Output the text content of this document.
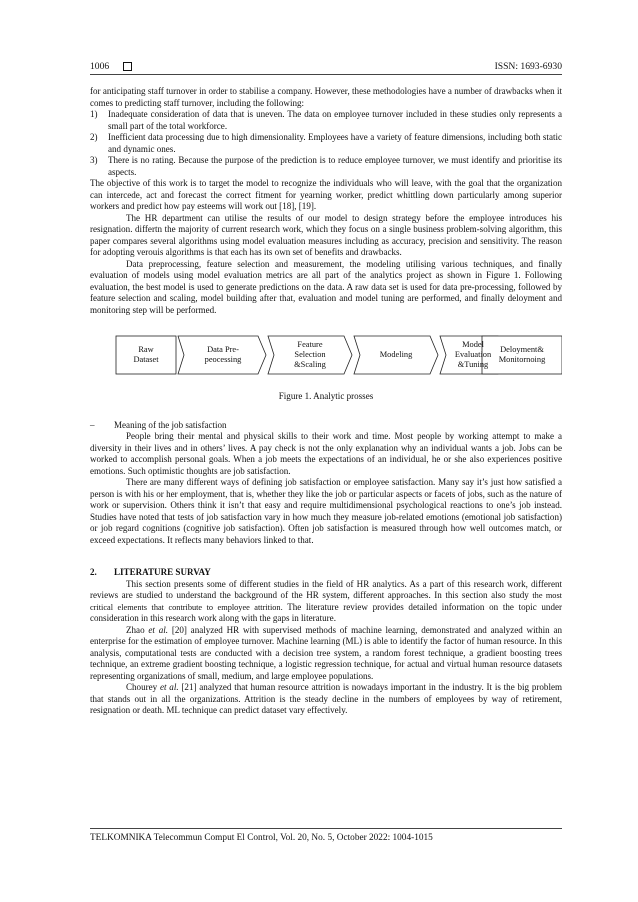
1006	ISSN: 1693-6930

for anticipating staff turnover in order to stabilise a company. However, these methodologies have a number of drawbacks when it comes to predicting staff turnover, including the following:

1)	Inadequate consideration of data that is uneven. The data on employee turnover included in these studies only represents a small part of the total workforce.
2)	Inefficient data processing due to high dimensionality. Employees have a variety of feature dimensions, including both static and dynamic ones.
3)	There is no rating. Because the purpose of the prediction is to reduce employee turnover, we must identify and prioritise its aspects.

The objective of this work is to target the model to recognize the individuals who will leave, with the goal that the organization can intercede, act and forecast the correct fitment for yearning worker, predict whittling down particularly among superior workers and predict how pay esteems will work out [18], [19].

The HR department can utilise the results of our model to design strategy before the employee introduces his resignation. differtn the majority of current research work, which they focus on a single business problem-solving algorithm, this paper compares several algorithms using model evaluation measures including as accuracy, precision and sensitivity. The reason for adopting verouis algorithms is that each has its own set of benefits and drawbacks.

Data preprocessing, feature selection and measurement, the modeling utilising various techniques, and finally evaluation of models using model evaluation metrics are all part of the analytics project as shown in Figure 1. Following evaluation, the best model is used to generate predictions on the data. A raw data set is used for data pre-processing, followed by feature selection and scaling, model building after that, evaluation and model tuning are performed, and finally deloyment and monitoring step will be performed.

Raw
Dataset
Data Pre-
peocessing
Feature
Selection
&Scaling
Modeling
Model
Evaluation
&Tuning
Deloyment&
Monitornoing
Figure 1. Analytic prosses
–	Meaning of the job satisfaction

People bring their mental and physical skills to their work and time. Most people by working attempt to make a diversity in their lives and in others’ lives. A pay check is not the only explanation why an individual wants a job. Jobs can be worked to accomplish personal goals. When a job meets the expectations of an individual, he or she also experiences positive emotions. Such optimistic thoughts are job satisfaction.

There are many different ways of defining job satisfaction or employee satisfaction. Many say it’s just how satisfied a person is with his or her employment, that is, whether they like the job or particular aspects or facets of jobs, such as the nature of work or supervision. Others think it isn’t that easy and require multidimensional psychological reactions to one’s job instead. Studies have noted that tests of job satisfaction vary in how much they measure job-related emotions (emotional job satisfaction) or job regard cognitions (cognitive job satisfaction). Often job satisfaction is measured through how well outcomes match, or exceed expectations. It reflects many behaviors linked to that.

2.	LITERATURE SURVAY

This section presents some of different studies in the field of HR analytics. As a part of this research work, different reviews are studied to understand the background of the HR system, different approaches. In this section also study the most critical elements that contribute to employee attrition. The literature review provides detailed information on the topic under consideration in this research work along with the gaps in literature.

Zhao et al. [20] analyzed HR with supervised methods of machine learning, demonstrated and analyzed within an enterprise for the estimation of employee turnover. Machine learning (ML) is able to identify the factor of human resource. In this analysis, computational tests are conducted with a decision tree system, a random forest technique, a gradient boosting trees technique, an extreme gradient boosting technique, a logistic regression technique, for actual and virtual human resource datasets representing organizations of small, medium, and large employee populations.

Chourey et al. [21] analyzed that human resource attrition is nowadays important in the industry. It is the big problem that stands out in all the organizations. Attrition is the steady decline in the numbers of employees by way of retirement, resignation or death. ML technique can predict dataset vary effectively.

TELKOMNIKA Telecommun Comput El Control, Vol. 20, No. 5, October 2022: 1004-1015
